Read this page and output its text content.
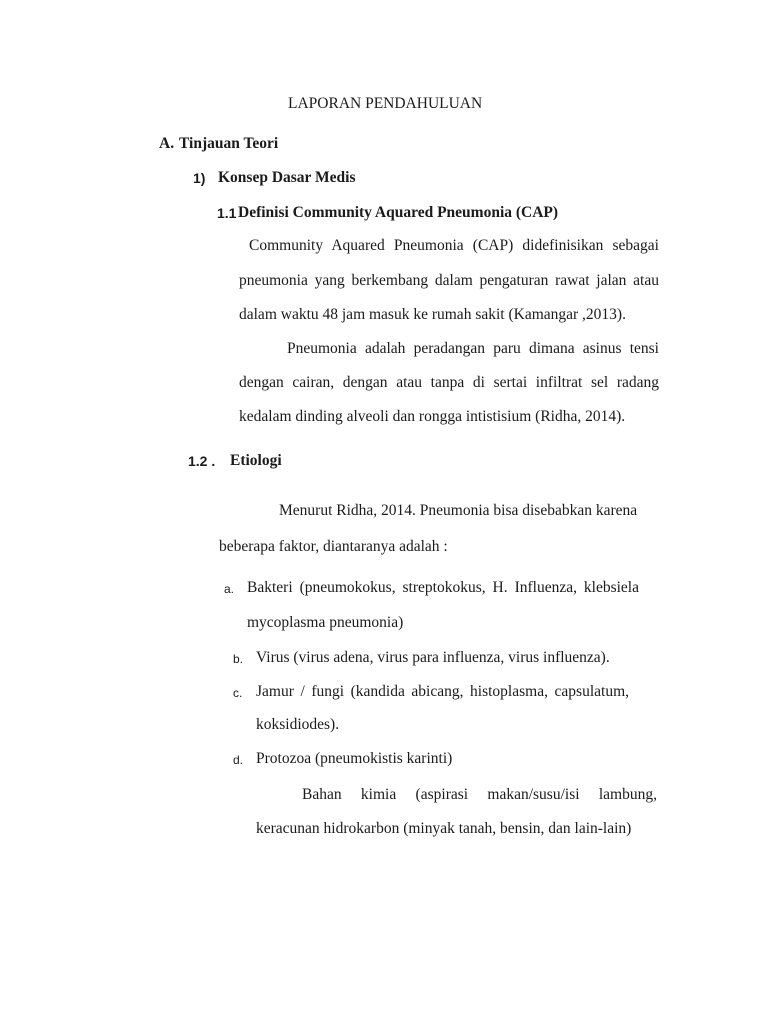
LAPORAN PENDAHULUAN
A. Tinjauan Teori
1) Konsep Dasar Medis
1.1 Definisi Community Aquared Pneumonia (CAP)
Community Aquared Pneumonia (CAP) didefinisikan sebagai
pneumonia yang berkembang dalam pengaturan rawat jalan atau
dalam waktu 48 jam masuk ke rumah sakit (Kamangar ,2013).
Pneumonia adalah peradangan paru dimana asinus tensi
dengan cairan, dengan atau tanpa di sertai infiltrat sel radang
kedalam dinding alveoli dan rongga intistisium (Ridha, 2014).
1.2 . Etiologi
Menurut Ridha, 2014. Pneumonia bisa disebabkan karena
beberapa faktor, diantaranya adalah :
a. Bakteri (pneumokokus, streptokokus, H. Influenza, klebsiela
mycoplasma pneumonia)
b. Virus (virus adena, virus para influenza, virus influenza).
c. Jamur / fungi (kandida abicang, histoplasma, capsulatum,
koksidiodes).
d. Protozoa (pneumokistis karinti)
Bahan kimia (aspirasi makan/susu/isi lambung,
keracunan hidrokarbon (minyak tanah, bensin, dan lain-lain)
